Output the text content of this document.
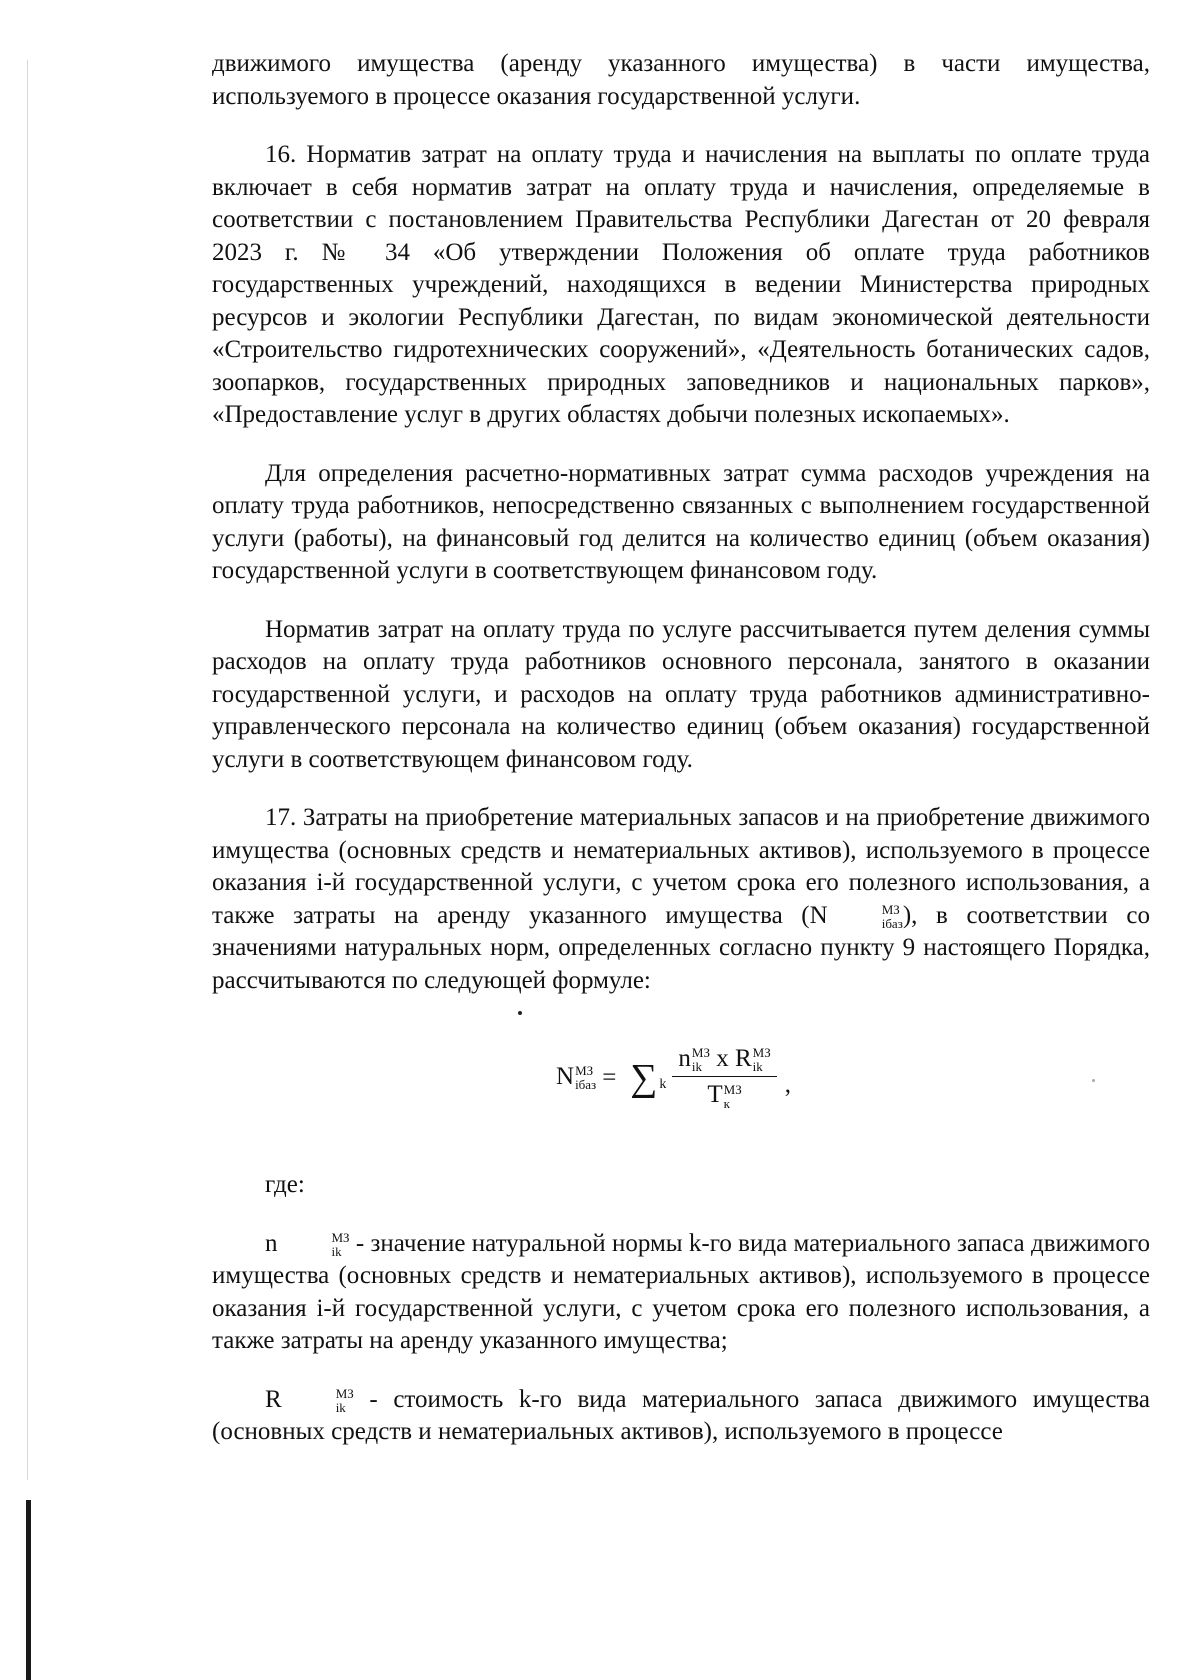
движимого имущества (аренду указанного имущества) в части имущества, используемого в процессе оказания государственной услуги.

16. Норматив затрат на оплату труда и начисления на выплаты по оплате труда включает в себя норматив затрат на оплату труда и начисления, определяемые в соответствии с постановлением Правительства Республики Дагестан от 20 февраля 2023 г. № 34 «Об утверждении Положения об оплате труда работников государственных учреждений, находящихся в ведении Министерства природных ресурсов и экологии Республики Дагестан, по видам экономической деятельности «Строительство гидротехнических сооружений», «Деятельность ботанических садов, зоопарков, государственных природных заповедников и национальных парков», «Предоставление услуг в других областях добычи полезных ископаемых».

Для определения расчетно-нормативных затрат сумма расходов учреждения на оплату труда работников, непосредственно связанных с выполнением государственной услуги (работы), на финансовый год делится на количество единиц (объем оказания) государственной услуги в соответствующем финансовом году.

Норматив затрат на оплату труда по услуге рассчитывается путем деления суммы расходов на оплату труда работников основного персонала, занятого в оказании государственной услуги, и расходов на оплату труда работников административно-управленческого персонала на количество единиц (объем оказания) государственной услуги в соответствующем финансовом году.

17. Затраты на приобретение материальных запасов и на приобретение движимого имущества (основных средств и нематериальных активов), используемого в процессе оказания i-й государственной услуги, с учетом срока его полезного использования, а также затраты на аренду указанного имущества (N	МЗ
iбаз ), в соответствии со значениями натуральных норм, определенных согласно пункту 9 настоящего Порядка, рассчитываются по следующей формуле:

N МЗ
iбаз = ∑ k n МЗ
ik x R МЗ
ik
T МЗ
к ,

где:

n	МЗ
ik - значение натуральной нормы k-го вида материального запаса движимого имущества (основных средств и нематериальных активов), используемого в процессе оказания i-й государственной услуги, с учетом срока его полезного использования, а также затраты на аренду указанного имущества;

R	МЗ
ik - стоимость k-го вида материального запаса движимого имущества (основных средств и нематериальных активов), используемого в процессе
